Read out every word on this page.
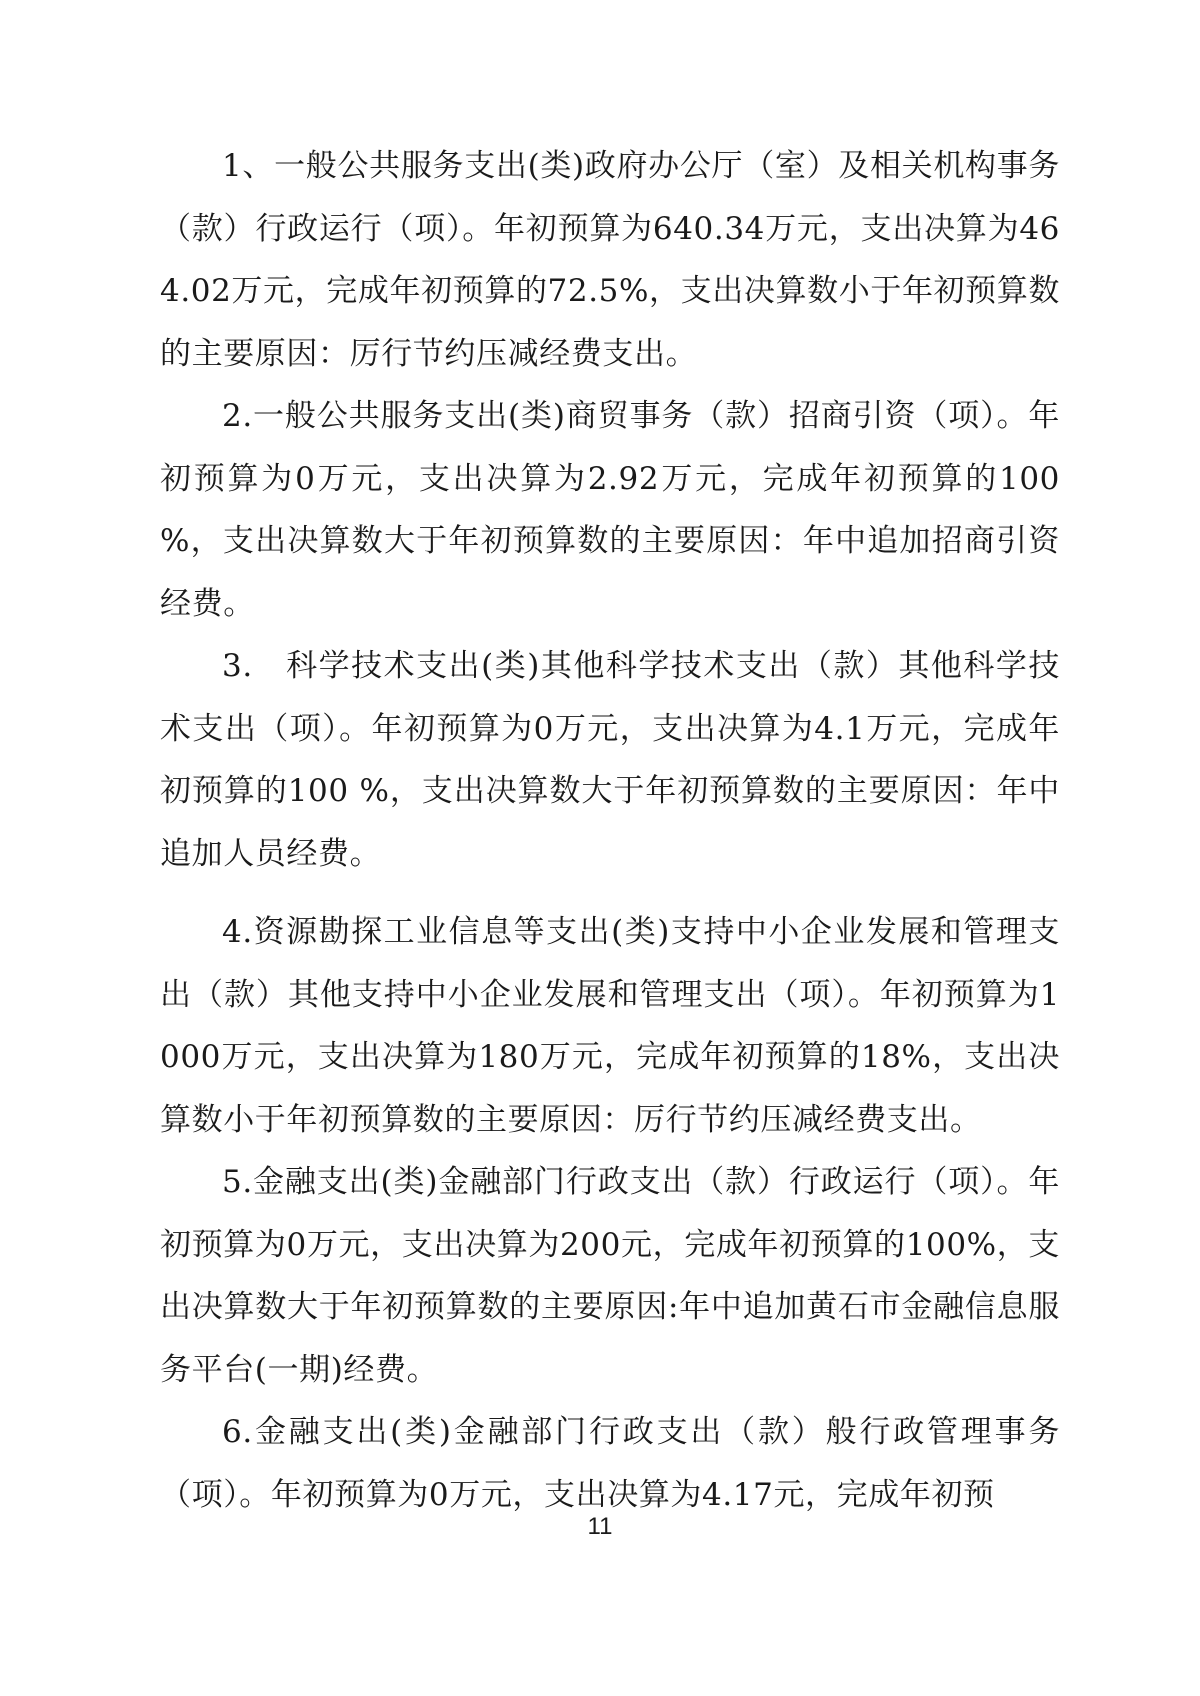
1、一般公共服务支出(类)政府办公厅（室）及相关机构事务（款）行政运行（项）。年初预算为640.34万元，支出决算为464.02万元，完成年初预算的72.5%，支出决算数小于年初预算数的主要原因：厉行节约压减经费支出。

2.一般公共服务支出(类)商贸事务（款）招商引资（项）。年初预算为0万元，支出决算为2.92万元，完成年初预算的100 %，支出决算数大于年初预算数的主要原因：年中追加招商引资经费。

3.　科学技术支出(类)其他科学技术支出（款）其他科学技术支出（项）。年初预算为0万元，支出决算为4.1万元，完成年初预算的100 %，支出决算数大于年初预算数的主要原因：年中追加人员经费。

4.资源勘探工业信息等支出(类)支持中小企业发展和管理支出（款）其他支持中小企业发展和管理支出（项）。年初预算为1000万元，支出决算为180万元，完成年初预算的18%，支出决算数小于年初预算数的主要原因：厉行节约压减经费支出。

5.金融支出(类)金融部门行政支出（款）行政运行（项）。年初预算为0万元，支出决算为200元，完成年初预算的100%，支出决算数大于年初预算数的主要原因:年中追加黄石市金融信息服务平台(一期)经费。

6.金融支出(类)金融部门行政支出（款）般行政管理事务（项）。年初预算为0万元，支出决算为4.17元，完成年初预

11
